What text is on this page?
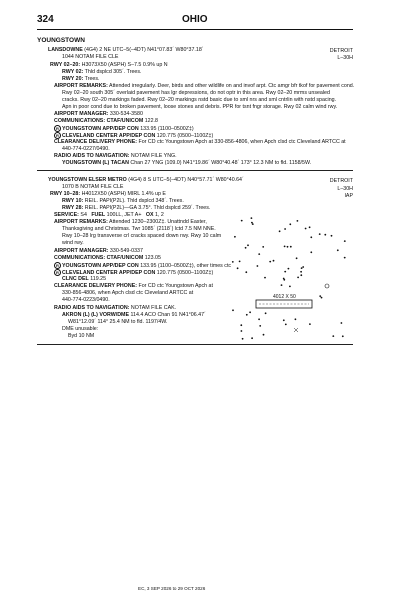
324	OHIO
YOUNGSTOWN
LANSDOWNE (4G4) 2 NE UTC–5(–4DT) N41°07.83´ W80°37.18´	DETROIT
1044 NOTAM FILE CLE	L–30H
RWY 02–20: H3073X50 (ASPH) S–7.5 0.9% up N
RWY 02: Thld dsplcd 305´. Trees.
RWY 20: Trees.
AIRPORT REMARKS: Attended irregularly. Deer, birds and other wildlife on and invof arpt. Ctc amgr bfr tkof for pavement cond.
Rwy 02–20 south 305´ overlaid pavement has lgr depressions, do not optr in this area. Rwy 02–20 mrms unsealed
cracks. Rwy 02–20 markings faded. Rwy 02–20 markings nstd basic due to sml nrs and sml cntrlin with nstd spacing.
Apn in poor cond due to broken pavement, loose stones and debris. PPR for tsnt fngr storage. Rwy 02 calm wind rwy.
AIRPORT MANAGER: 330-534-3580
COMMUNICATIONS: CTAF/UNICOM 122.8
R YOUNGSTOWN APP/DEP CON 133.95 (1100–0500Z‡)
R CLEVELAND CENTER APP/DEP CON 120.775 (0500–1100Z‡)
CLEARANCE DELIVERY PHONE: For CD ctc Youngstown Apch at 330-856-4806, when Apch clsd ctc Cleveland ARTCC at
440-774-0227/0490.
RADIO AIDS TO NAVIGATION: NOTAM FILE YNG.
YOUNGSTOWN (L) TACAN Chan 27 YNG (109.0) N41°19.86´ W80°40.48´ 173° 12.3 NM to fld. 1158/5W.
YOUNGSTOWN ELSER METRO (4G4) 8 S UTC–5(–4DT) N40°57.71´ W80°40.64´	DETROIT
1070 B NOTAM FILE CLE	L–30H
IAP
RWY 10–28: H4012X50 (ASPH) MIRL 1.4% up E
RWY 10: REIL. PAPI(P2L). Thld dsplcd 348´. Trees.
RWY 28: REIL. PAPI(P2L)—GA 3.75°. Thld dsplcd 259´. Trees.
SERVICE: S4 FUEL 100LL, JET A+ OX 1, 2
AIRPORT REMARKS: Attended 1230–2300Z‡. Unattndd Easter,
Thanksgiving and Christmas. Twr 1085´ (2118´) lctd 7.5 NM NNE.
Rwy 10–28 lrg transverse crl cracks spaced down rwy. Rwy 10 calm
wind rwy.
AIRPORT MANAGER: 330-549-0337
COMMUNICATIONS: CTAF/UNICOM 123.05
R YOUNGSTOWN APP/DEP CON 133.95 (1100–0500Z‡), other times ctc
R CLEVELAND CENTER APP/DEP CON 120.775 (0500–1100Z‡)
CLNC DEL 119.25
CLEARANCE DELIVERY PHONE: For CD ctc Youngstown Apch at
330-856-4806, when Apch clsd ctc Cleveland ARTCC at
440-774-0223/0490.
RADIO AIDS TO NAVIGATION: NOTAM FILE CAK.
AKRON (L) (L) VORW/DME 114.4 ACO Chan 91 N41°06.47´
W81°12.09´ 114° 25.4 NM to fld. 1197/4W.
DME unusable:
Byd 10 NM
4012 X 50
EC, 3 SEP 2026 to 29 OCT 2026
